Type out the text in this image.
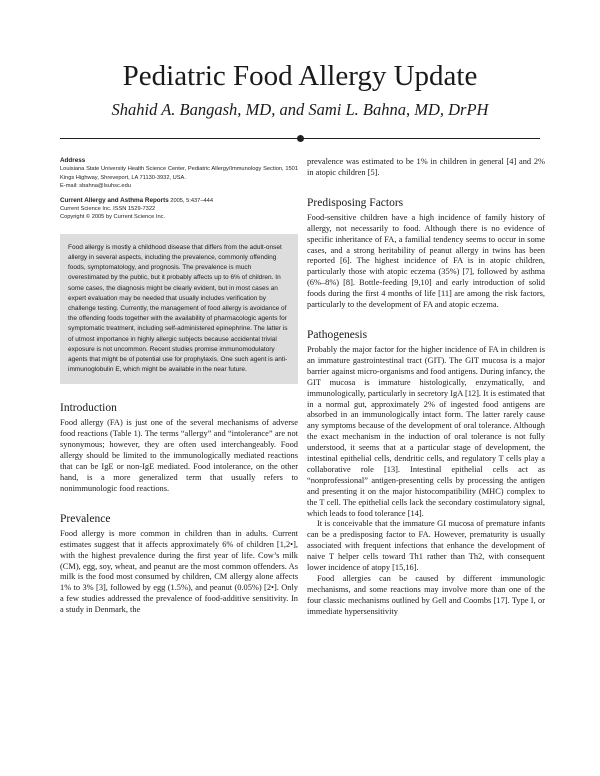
Pediatric Food Allergy Update
Shahid A. Bangash, MD, and Sami L. Bahna, MD, DrPH

Address

Louisiana State University Health Science Center, Pediatric Allergy/Immunology Section, 1501 Kings Highway, Shreveport, LA 71130-3932, USA.

E-mail: sbahna@lsuhsc.edu

Current Allergy and Asthma Reports 2005, 5:437–444

Current Science Inc. ISSN 1529-7322

Copyright © 2005 by Current Science Inc.

Food allergy is mostly a childhood disease that differs from the adult-onset allergy in several aspects, including the prevalence, commonly offending foods, symptomatology, and prognosis. The prevalence is much overestimated by the public, but it probably affects up to 6% of children. In some cases, the diagnosis might be clearly evident, but in most cases an expert evaluation may be needed that usually includes verification by challenge testing. Currently, the management of food allergy is avoidance of the offending foods together with the availability of pharmacologic agents for symptomatic treatment, including self-administered epinephrine. The latter is of utmost importance in highly allergic subjects because accidental trivial exposure is not uncommon. Recent studies promise immunomodulatory agents that might be of potential use for prophylaxis. One such agent is anti-immunoglobulin E, which might be available in the near future.
Introduction

Food allergy (FA) is just one of the several mechanisms of adverse food reactions (Table 1). The terms “allergy” and “intolerance” are not synonymous; however, they are often used interchangeably. Food allergy should be limited to the immunologically mediated reactions that can be IgE or non-IgE mediated. Food intolerance, on the other hand, is a more generalized term that usually refers to nonimmunologic food reactions.

Prevalence

Food allergy is more common in children than in adults. Current estimates suggest that it affects approximately 6% of children [1,2•], with the highest prevalence during the first year of life. Cow’s milk (CM), egg, soy, wheat, and peanut are the most common offenders. As milk is the food most consumed by children, CM allergy alone affects 1% to 3% [3], followed by egg (1.5%), and peanut (0.05%) [2•]. Only a few studies addressed the prevalence of food-additive sensitivity. In a study in Denmark, the

prevalence was estimated to be 1% in children in general [4] and 2% in atopic children [5].

Predisposing Factors

Food-sensitive children have a high incidence of family history of allergy, not necessarily to food. Although there is no evidence of specific inheritance of FA, a familial tendency seems to occur in some cases, and a strong heritability of peanut allergy in twins has been reported [6]. The highest incidence of FA is in atopic children, particularly those with atopic eczema (35%) [7], followed by asthma (6%–8%) [8]. Bottle-feeding [9,10] and early introduction of solid foods during the first 4 months of life [11] are among the risk factors, particularly to the development of FA and atopic eczema.

Pathogenesis

Probably the major factor for the higher incidence of FA in children is an immature gastrointestinal tract (GIT). The GIT mucosa is a major barrier against micro-organisms and food antigens. During infancy, the GIT mucosa is immature histologically, enzymatically, and immunologically, particularly in secretory IgA [12]. It is estimated that in a normal gut, approximately 2% of ingested food antigens are absorbed in an immunologically intact form. The latter rarely cause any symptoms because of the development of oral tolerance. Although the exact mechanism in the induction of oral tolerance is not fully understood, it seems that at a particular stage of development, the intestinal epithelial cells, dendritic cells, and regulatory T cells play a collaborative role [13]. Intestinal epithelial cells act as “nonprofessional” antigen-presenting cells by processing the antigen and presenting it on the major histocompatibility (MHC) complex to the T cell. The epithelial cells lack the secondary costimulatory signal, which leads to food tolerance [14].

It is conceivable that the immature GI mucosa of premature infants can be a predisposing factor to FA. However, prematurity is usually associated with frequent infections that enhance the development of naive T helper cells toward Th1 rather than Th2, with consequent lower incidence of atopy [15,16].

Food allergies can be caused by different immunologic mechanisms, and some reactions may involve more than one of the four classic mechanisms outlined by Gell and Coombs [17]. Type I, or immediate hypersensitivity
